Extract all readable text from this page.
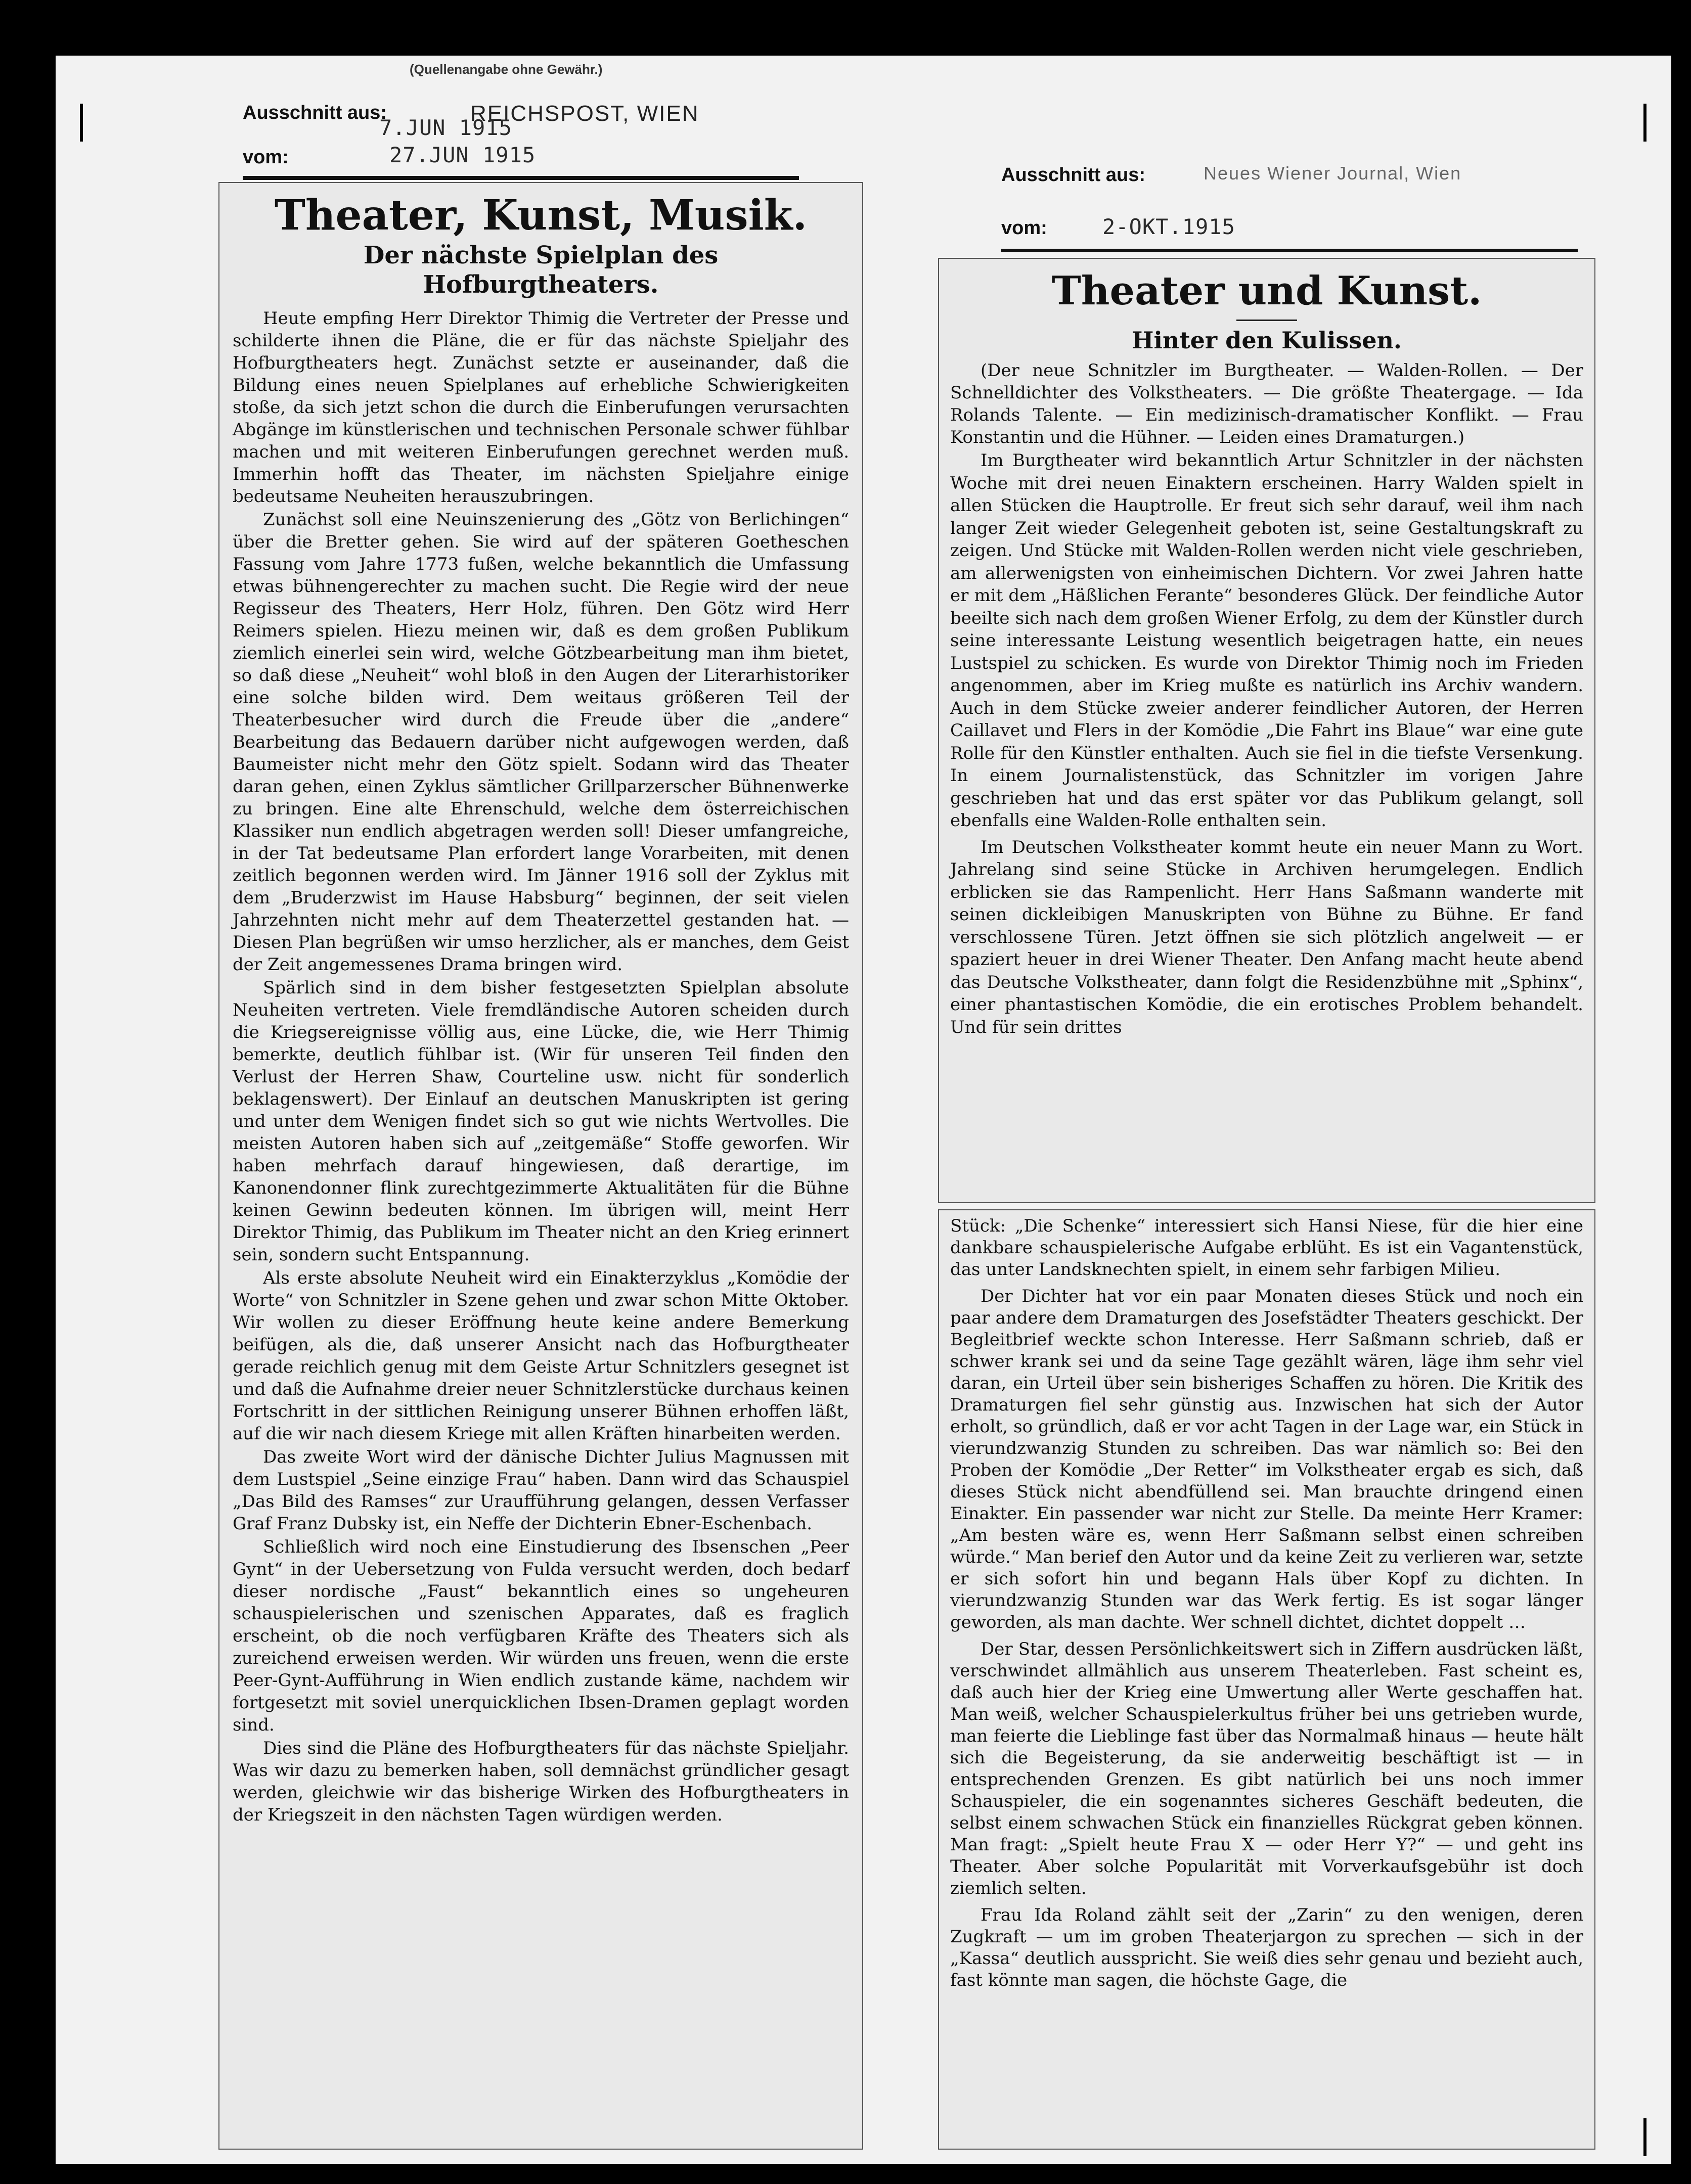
(Quellenangabe ohne Gewähr.)
Ausschnitt aus:	REICHSPOST, WIEN
7.JUN 1915
vom:	27.JUN 1915
Theater, Kunst, Musik.
Der nächste Spielplan des Hofburgtheaters.

Heute empfing Herr Direktor Thimig die Vertreter der Presse und schilderte ihnen die Pläne, die er für das nächste Spieljahr des Hofburgtheaters hegt. Zunächst setzte er auseinander, daß die Bildung eines neuen Spielplanes auf erhebliche Schwierigkeiten stoße, da sich jetzt schon die durch die Einberufungen verursachten Abgänge im künstlerischen und technischen Personale schwer fühlbar machen und mit weiteren Einberufungen gerechnet werden muß. Immerhin hofft das Theater, im nächsten Spieljahre einige bedeutsame Neuheiten herauszubringen.

Zunächst soll eine Neuinszenierung des „Götz von Berlichingen“ über die Bretter gehen. Sie wird auf der späteren Goetheschen Fassung vom Jahre 1773 fußen, welche bekanntlich die Umfassung etwas bühnengerechter zu machen sucht. Die Regie wird der neue Regisseur des Theaters, Herr Holz, führen. Den Götz wird Herr Reimers spielen. Hiezu meinen wir, daß es dem großen Publikum ziemlich einerlei sein wird, welche Götzbearbeitung man ihm bietet, so daß diese „Neuheit“ wohl bloß in den Augen der Literarhistoriker eine solche bilden wird. Dem weitaus größeren Teil der Theaterbesucher wird durch die Freude über die „andere“ Bearbeitung das Bedauern darüber nicht aufgewogen werden, daß Baumeister nicht mehr den Götz spielt. Sodann wird das Theater daran gehen, einen Zyklus sämtlicher Grillparzerscher Bühnenwerke zu bringen. Eine alte Ehrenschuld, welche dem österreichischen Klassiker nun endlich abgetragen werden soll! Dieser umfangreiche, in der Tat bedeutsame Plan erfordert lange Vorarbeiten, mit denen zeitlich begonnen werden wird. Im Jänner 1916 soll der Zyklus mit dem „Bruderzwist im Hause Habsburg“ beginnen, der seit vielen Jahrzehnten nicht mehr auf dem Theaterzettel gestanden hat. — Diesen Plan begrüßen wir umso herzlicher, als er manches, dem Geist der Zeit angemessenes Drama bringen wird.

Spärlich sind in dem bisher festgesetzten Spielplan absolute Neuheiten vertreten. Viele fremdländische Autoren scheiden durch die Kriegsereignisse völlig aus, eine Lücke, die, wie Herr Thimig bemerkte, deutlich fühlbar ist. (Wir für unseren Teil finden den Verlust der Herren Shaw, Courteline usw. nicht für sonderlich beklagenswert). Der Einlauf an deutschen Manuskripten ist gering und unter dem Wenigen findet sich so gut wie nichts Wertvolles. Die meisten Autoren haben sich auf „zeitgemäße“ Stoffe geworfen. Wir haben mehrfach darauf hingewiesen, daß derartige, im Kanonendonner flink zurechtgezimmerte Aktualitäten für die Bühne keinen Gewinn bedeuten können. Im übrigen will, meint Herr Direktor Thimig, das Publikum im Theater nicht an den Krieg erinnert sein, sondern sucht Entspannung.

Als erste absolute Neuheit wird ein Einakterzyklus „Komödie der Worte“ von Schnitzler in Szene gehen und zwar schon Mitte Oktober. Wir wollen zu dieser Eröffnung heute keine andere Bemerkung beifügen, als die, daß unserer Ansicht nach das Hofburgtheater gerade reichlich genug mit dem Geiste Artur Schnitzlers gesegnet ist und daß die Aufnahme dreier neuer Schnitzlerstücke durchaus keinen Fortschritt in der sittlichen Reinigung unserer Bühnen erhoffen läßt, auf die wir nach diesem Kriege mit allen Kräften hinarbeiten werden.

Das zweite Wort wird der dänische Dichter Julius Magnussen mit dem Lustspiel „Seine einzige Frau“ haben. Dann wird das Schauspiel „Das Bild des Ramses“ zur Uraufführung gelangen, dessen Verfasser Graf Franz Dubsky ist, ein Neffe der Dichterin Ebner-Eschenbach.

Schließlich wird noch eine Einstudierung des Ibsenschen „Peer Gynt“ in der Uebersetzung von Fulda versucht werden, doch bedarf dieser nordische „Faust“ bekanntlich eines so ungeheuren schauspielerischen und szenischen Apparates, daß es fraglich erscheint, ob die noch verfügbaren Kräfte des Theaters sich als zureichend erweisen werden. Wir würden uns freuen, wenn die erste Peer-Gynt-Aufführung in Wien endlich zustande käme, nachdem wir fortgesetzt mit soviel unerquicklichen Ibsen-Dramen geplagt worden sind.

Dies sind die Pläne des Hofburgtheaters für das nächste Spieljahr. Was wir dazu zu bemerken haben, soll demnächst gründlicher gesagt werden, gleichwie wir das bisherige Wirken des Hofburgtheaters in der Kriegszeit in den nächsten Tagen würdigen werden.

Ausschnitt aus:	Neues Wiener Journal, Wien
vom:	2-OKT.1915
Theater und Kunst.
Hinter den Kulissen.

(Der neue Schnitzler im Burgtheater. — Walden-Rollen. — Der Schnelldichter des Volkstheaters. — Die größte Theatergage. — Ida Rolands Talente. — Ein medizinisch-dramatischer Konflikt. — Frau Konstantin und die Hühner. — Leiden eines Dramaturgen.)

Im Burgtheater wird bekanntlich Artur Schnitzler in der nächsten Woche mit drei neuen Einaktern erscheinen. Harry Walden spielt in allen Stücken die Hauptrolle. Er freut sich sehr darauf, weil ihm nach langer Zeit wieder Gelegenheit geboten ist, seine Gestaltungskraft zu zeigen. Und Stücke mit Walden-Rollen werden nicht viele geschrieben, am allerwenigsten von einheimischen Dichtern. Vor zwei Jahren hatte er mit dem „Häßlichen Ferante“ besonderes Glück. Der feindliche Autor beeilte sich nach dem großen Wiener Erfolg, zu dem der Künstler durch seine interessante Leistung wesentlich beigetragen hatte, ein neues Lustspiel zu schicken. Es wurde von Direktor Thimig noch im Frieden angenommen, aber im Krieg mußte es natürlich ins Archiv wandern. Auch in dem Stücke zweier anderer feindlicher Autoren, der Herren Caillavet und Flers in der Komödie „Die Fahrt ins Blaue“ war eine gute Rolle für den Künstler enthalten. Auch sie fiel in die tiefste Versenkung. In einem Journalistenstück, das Schnitzler im vorigen Jahre geschrieben hat und das erst später vor das Publikum gelangt, soll ebenfalls eine Walden-Rolle enthalten sein.

Im Deutschen Volkstheater kommt heute ein neuer Mann zu Wort. Jahrelang sind seine Stücke in Archiven herumgelegen. Endlich erblicken sie das Rampenlicht. Herr Hans Saßmann wanderte mit seinen dickleibigen Manuskripten von Bühne zu Bühne. Er fand verschlossene Türen. Jetzt öffnen sie sich plötzlich angelweit — er spaziert heuer in drei Wiener Theater. Den Anfang macht heute abend das Deutsche Volkstheater, dann folgt die Residenzbühne mit „Sphinx“, einer phantastischen Komödie, die ein erotisches Problem behandelt. Und für sein drittes

Stück: „Die Schenke“ interessiert sich Hansi Niese, für die hier eine dankbare schauspielerische Aufgabe erblüht. Es ist ein Vagantenstück, das unter Landsknechten spielt, in einem sehr farbigen Milieu.

Der Dichter hat vor ein paar Monaten dieses Stück und noch ein paar andere dem Dramaturgen des Josefstädter Theaters geschickt. Der Begleitbrief weckte schon Interesse. Herr Saßmann schrieb, daß er schwer krank sei und da seine Tage gezählt wären, läge ihm sehr viel daran, ein Urteil über sein bisheriges Schaffen zu hören. Die Kritik des Dramaturgen fiel sehr günstig aus. Inzwischen hat sich der Autor erholt, so gründlich, daß er vor acht Tagen in der Lage war, ein Stück in vierundzwanzig Stunden zu schreiben. Das war nämlich so: Bei den Proben der Komödie „Der Retter“ im Volkstheater ergab es sich, daß dieses Stück nicht abendfüllend sei. Man brauchte dringend einen Einakter. Ein passender war nicht zur Stelle. Da meinte Herr Kramer: „Am besten wäre es, wenn Herr Saßmann selbst einen schreiben würde.“ Man berief den Autor und da keine Zeit zu verlieren war, setzte er sich sofort hin und begann Hals über Kopf zu dichten. In vierundzwanzig Stunden war das Werk fertig. Es ist sogar länger geworden, als man dachte. Wer schnell dichtet, dichtet doppelt …

Der Star, dessen Persönlichkeitswert sich in Ziffern ausdrücken läßt, verschwindet allmählich aus unserem Theaterleben. Fast scheint es, daß auch hier der Krieg eine Umwertung aller Werte geschaffen hat. Man weiß, welcher Schauspielerkultus früher bei uns getrieben wurde, man feierte die Lieblinge fast über das Normalmaß hinaus — heute hält sich die Begeisterung, da sie anderweitig beschäftigt ist — in entsprechenden Grenzen. Es gibt natürlich bei uns noch immer Schauspieler, die ein sogenanntes sicheres Geschäft bedeuten, die selbst einem schwachen Stück ein finanzielles Rückgrat geben können. Man fragt: „Spielt heute Frau X — oder Herr Y?“ — und geht ins Theater. Aber solche Popularität mit Vorverkaufsgebühr ist doch ziemlich selten.

Frau Ida Roland zählt seit der „Zarin“ zu den wenigen, deren Zugkraft — um im groben Theaterjargon zu sprechen — sich in der „Kassa“ deutlich ausspricht. Sie weiß dies sehr genau und bezieht auch, fast könnte man sagen, die höchste Gage, die
